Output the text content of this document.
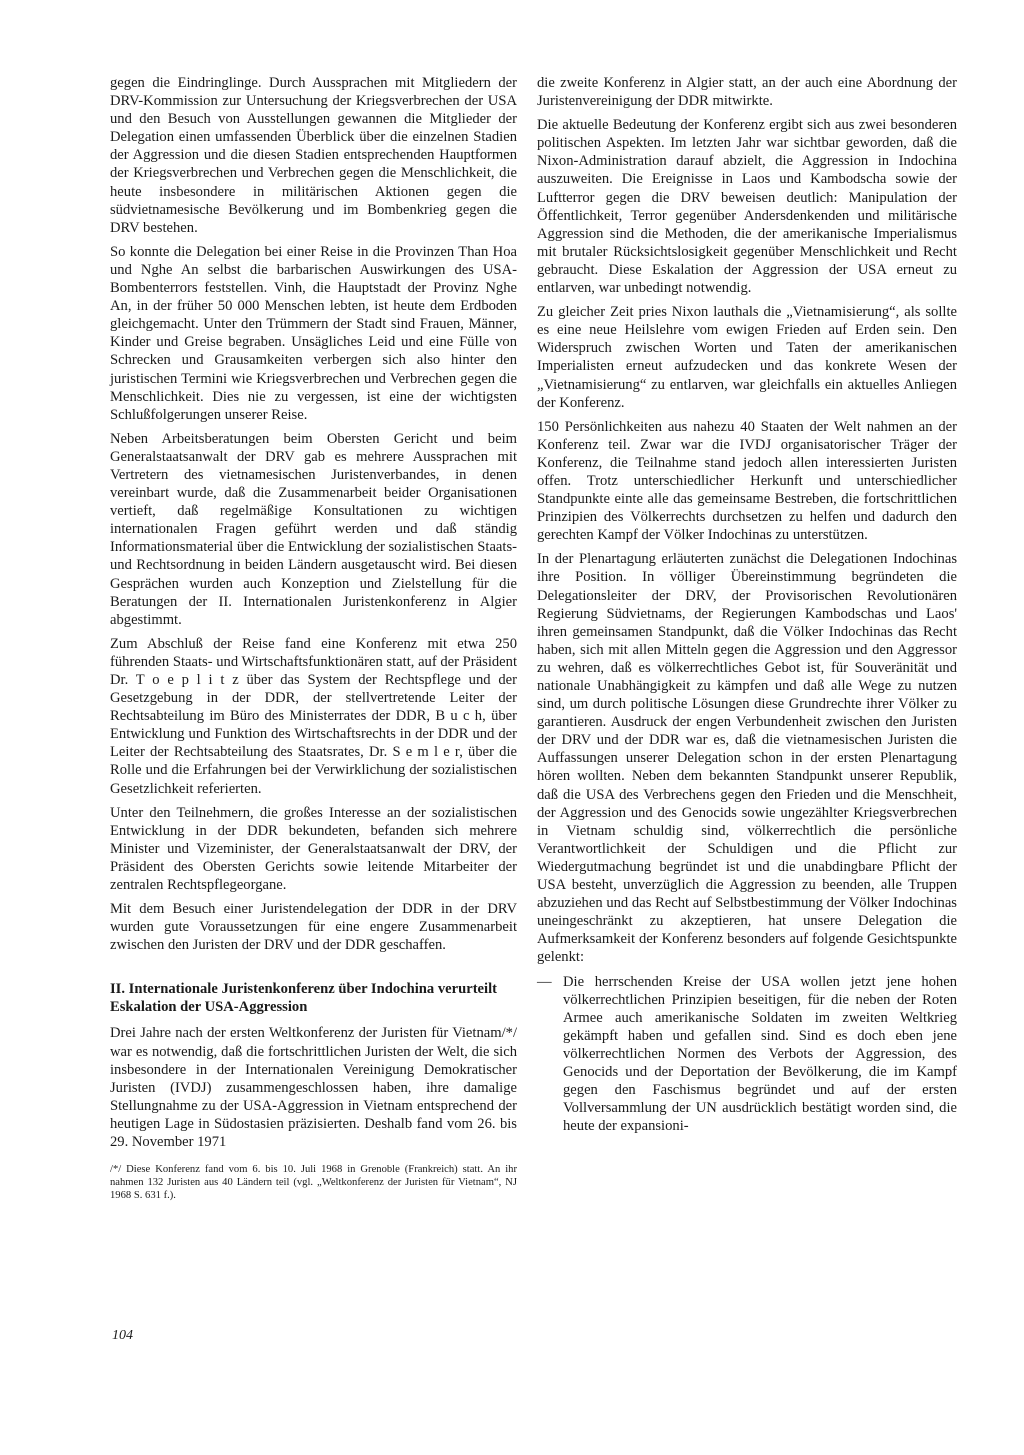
gegen die Eindringlinge. Durch Aussprachen mit Mitgliedern der DRV-Kommission zur Untersuchung der Kriegsverbrechen der USA und den Besuch von Ausstellungen gewannen die Mitglieder der Delegation einen umfassenden Überblick über die einzelnen Stadien der Aggression und die diesen Stadien entsprechenden Hauptformen der Kriegsverbrechen und Verbrechen gegen die Menschlichkeit, die heute insbesondere in militärischen Aktionen gegen die südvietnamesische Bevölkerung und im Bombenkrieg gegen die DRV bestehen.

So konnte die Delegation bei einer Reise in die Provinzen Than Hoa und Nghe An selbst die barbarischen Auswirkungen des USA-Bombenterrors feststellen. Vinh, die Hauptstadt der Provinz Nghe An, in der früher 50 000 Menschen lebten, ist heute dem Erdboden gleichgemacht. Unter den Trümmern der Stadt sind Frauen, Männer, Kinder und Greise begraben. Unsägliches Leid und eine Fülle von Schrecken und Grausamkeiten verbergen sich also hinter den juristischen Termini wie Kriegsverbrechen und Verbrechen gegen die Menschlichkeit. Dies nie zu vergessen, ist eine der wichtigsten Schlußfolgerungen unserer Reise.

Neben Arbeitsberatungen beim Obersten Gericht und beim Generalstaatsanwalt der DRV gab es mehrere Aussprachen mit Vertretern des vietnamesischen Juristenverbandes, in denen vereinbart wurde, daß die Zusammenarbeit beider Organisationen vertieft, daß regelmäßige Konsultationen zu wichtigen internationalen Fragen geführt werden und daß ständig Informationsmaterial über die Entwicklung der sozialistischen Staats- und Rechtsordnung in beiden Ländern ausgetauscht wird. Bei diesen Gesprächen wurden auch Konzeption und Zielstellung für die Beratungen der II. Internationalen Juristenkonferenz in Algier abgestimmt.

Zum Abschluß der Reise fand eine Konferenz mit etwa 250 führenden Staats- und Wirtschaftsfunktionären statt, auf der Präsident Dr. T o e p l i t z über das System der Rechtspflege und der Gesetzgebung in der DDR, der stellvertretende Leiter der Rechtsabteilung im Büro des Ministerrates der DDR, B u c h, über Entwicklung und Funktion des Wirtschaftsrechts in der DDR und der Leiter der Rechtsabteilung des Staatsrates, Dr. S e m l e r, über die Rolle und die Erfahrungen bei der Verwirklichung der sozialistischen Gesetzlichkeit referierten.

Unter den Teilnehmern, die großes Interesse an der sozialistischen Entwicklung in der DDR bekundeten, befanden sich mehrere Minister und Vizeminister, der Generalstaatsanwalt der DRV, der Präsident des Obersten Gerichts sowie leitende Mitarbeiter der zentralen Rechtspflegeorgane.

Mit dem Besuch einer Juristendelegation der DDR in der DRV wurden gute Voraussetzungen für eine engere Zusammenarbeit zwischen den Juristen der DRV und der DDR geschaffen.

II. Internationale Juristenkonferenz über Indochina verurteilt Eskalation der USA-Aggression

Drei Jahre nach der ersten Weltkonferenz der Juristen für Vietnam/*/ war es notwendig, daß die fortschrittlichen Juristen der Welt, die sich insbesondere in der Internationalen Vereinigung Demokratischer Juristen (IVDJ) zusammengeschlossen haben, ihre damalige Stellungnahme zu der USA-Aggression in Vietnam entsprechend der heutigen Lage in Südostasien präzisierten. Deshalb fand vom 26. bis 29. November 1971

/*/ Diese Konferenz fand vom 6. bis 10. Juli 1968 in Grenoble (Frankreich) statt. An ihr nahmen 132 Juristen aus 40 Ländern teil (vgl. „Weltkonferenz der Juristen für Vietnam“, NJ 1968 S. 631 f.).

die zweite Konferenz in Algier statt, an der auch eine Abordnung der Juristenvereinigung der DDR mitwirkte.

Die aktuelle Bedeutung der Konferenz ergibt sich aus zwei besonderen politischen Aspekten. Im letzten Jahr war sichtbar geworden, daß die Nixon-Administration darauf abzielt, die Aggression in Indochina auszuweiten. Die Ereignisse in Laos und Kambodscha sowie der Luftterror gegen die DRV beweisen deutlich: Manipulation der Öffentlichkeit, Terror gegenüber Andersdenkenden und militärische Aggression sind die Methoden, die der amerikanische Imperialismus mit brutaler Rücksichtslosigkeit gegenüber Menschlichkeit und Recht gebraucht. Diese Eskalation der Aggression der USA erneut zu entlarven, war unbedingt notwendig.

Zu gleicher Zeit pries Nixon lauthals die „Vietnamisierung“, als sollte es eine neue Heilslehre vom ewigen Frieden auf Erden sein. Den Widerspruch zwischen Worten und Taten der amerikanischen Imperialisten erneut aufzudecken und das konkrete Wesen der „Vietnamisierung“ zu entlarven, war gleichfalls ein aktuelles Anliegen der Konferenz.

150 Persönlichkeiten aus nahezu 40 Staaten der Welt nahmen an der Konferenz teil. Zwar war die IVDJ organisatorischer Träger der Konferenz, die Teilnahme stand jedoch allen interessierten Juristen offen. Trotz unterschiedlicher Herkunft und unterschiedlicher Standpunkte einte alle das gemeinsame Bestreben, die fortschrittlichen Prinzipien des Völkerrechts durchsetzen zu helfen und dadurch den gerechten Kampf der Völker Indochinas zu unterstützen.

In der Plenartagung erläuterten zunächst die Delegationen Indochinas ihre Position. In völliger Übereinstimmung begründeten die Delegationsleiter der DRV, der Provisorischen Revolutionären Regierung Südvietnams, der Regierungen Kambodschas und Laos' ihren gemeinsamen Standpunkt, daß die Völker Indochinas das Recht haben, sich mit allen Mitteln gegen die Aggression und den Aggressor zu wehren, daß es völkerrechtliches Gebot ist, für Souveränität und nationale Unabhängigkeit zu kämpfen und daß alle Wege zu nutzen sind, um durch politische Lösungen diese Grundrechte ihrer Völker zu garantieren. Ausdruck der engen Verbundenheit zwischen den Juristen der DRV und der DDR war es, daß die vietnamesischen Juristen die Auffassungen unserer Delegation schon in der ersten Plenartagung hören wollten. Neben dem bekannten Standpunkt unserer Republik, daß die USA des Verbrechens gegen den Frieden und die Menschheit, der Aggression und des Genocids sowie ungezählter Kriegsverbrechen in Vietnam schuldig sind, völkerrechtlich die persönliche Verantwortlichkeit der Schuldigen und die Pflicht zur Wiedergutmachung begründet ist und die unabdingbare Pflicht der USA besteht, unverzüglich die Aggression zu beenden, alle Truppen abzuziehen und das Recht auf Selbstbestimmung der Völker Indochinas uneingeschränkt zu akzeptieren, hat unsere Delegation die Aufmerksamkeit der Konferenz besonders auf folgende Gesichtspunkte gelenkt:

— Die herrschenden Kreise der USA wollen jetzt jene hohen völkerrechtlichen Prinzipien beseitigen, für die neben der Roten Armee auch amerikanische Soldaten im zweiten Weltkrieg gekämpft haben und gefallen sind. Sind es doch eben jene völkerrechtlichen Normen des Verbots der Aggression, des Genocids und der Deportation der Bevölkerung, die im Kampf gegen den Faschismus begründet und auf der ersten Vollversammlung der UN ausdrücklich bestätigt worden sind, die heute der expansioni-

104
